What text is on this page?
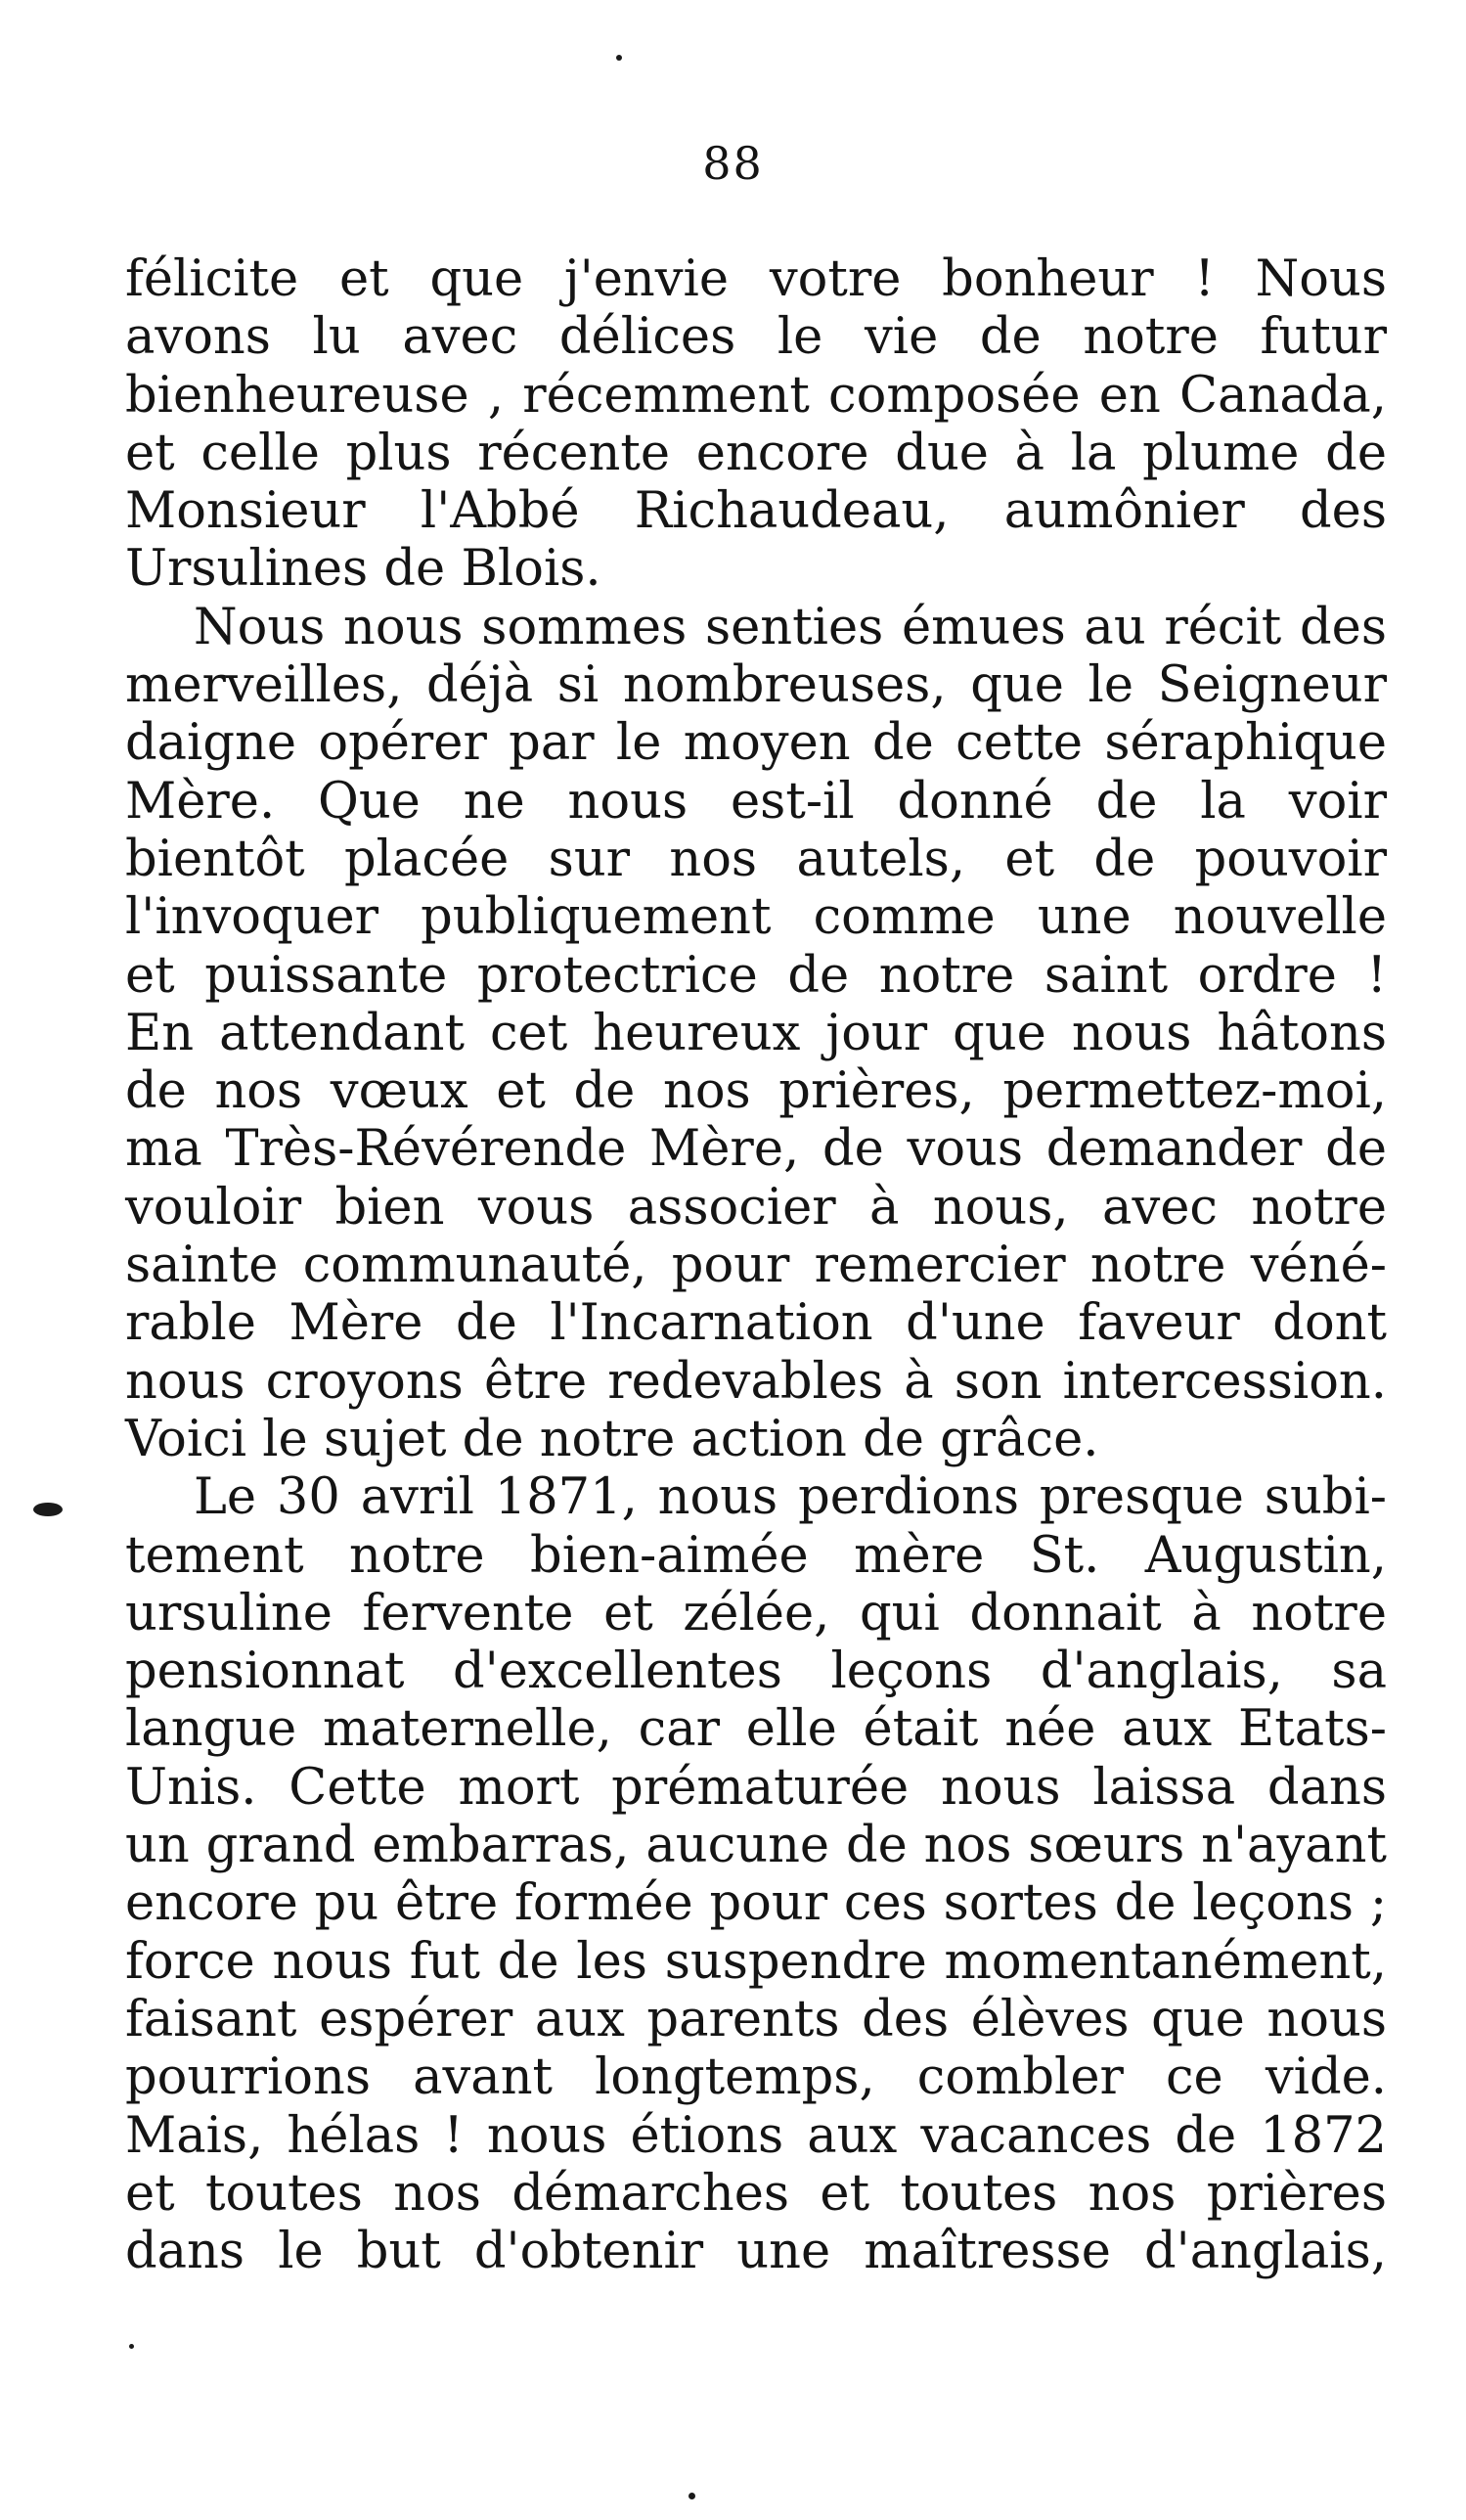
88
félicite et que j'envie votre bonheur ! Nous
avons lu avec délices le vie de notre futur
bienheureuse , récemment composée en Canada,
et celle plus récente encore due à la plume de
Monsieur l'Abbé Richaudeau, aumônier des
Ursulines de Blois.
Nous nous sommes senties émues au récit des
merveilles, déjà si nombreuses, que le Seigneur
daigne opérer par le moyen de cette séraphique
Mère. Que ne nous est-il donné de la voir
bientôt placée sur nos autels, et de pouvoir
l'invoquer publiquement comme une nouvelle
et puissante protectrice de notre saint ordre !
En attendant cet heureux jour que nous hâtons
de nos vœux et de nos prières, permettez-moi,
ma Très-Révérende Mère, de vous demander de
vouloir bien vous associer à nous, avec notre
sainte communauté, pour remercier notre véné-
rable Mère de l'Incarnation d'une faveur dont
nous croyons être redevables à son intercession.
Voici le sujet de notre action de grâce.
Le 30 avril 1871, nous perdions presque subi-
tement notre bien-aimée mère St. Augustin,
ursuline fervente et zélée, qui donnait à notre
pensionnat d'excellentes leçons d'anglais, sa
langue maternelle, car elle était née aux Etats-
Unis. Cette mort prématurée nous laissa dans
un grand embarras, aucune de nos sœurs n'ayant
encore pu être formée pour ces sortes de leçons ;
force nous fut de les suspendre momentanément,
faisant espérer aux parents des élèves que nous
pourrions avant longtemps, combler ce vide.
Mais, hélas ! nous étions aux vacances de 1872
et toutes nos démarches et toutes nos prières
dans le but d'obtenir une maîtresse d'anglais,
